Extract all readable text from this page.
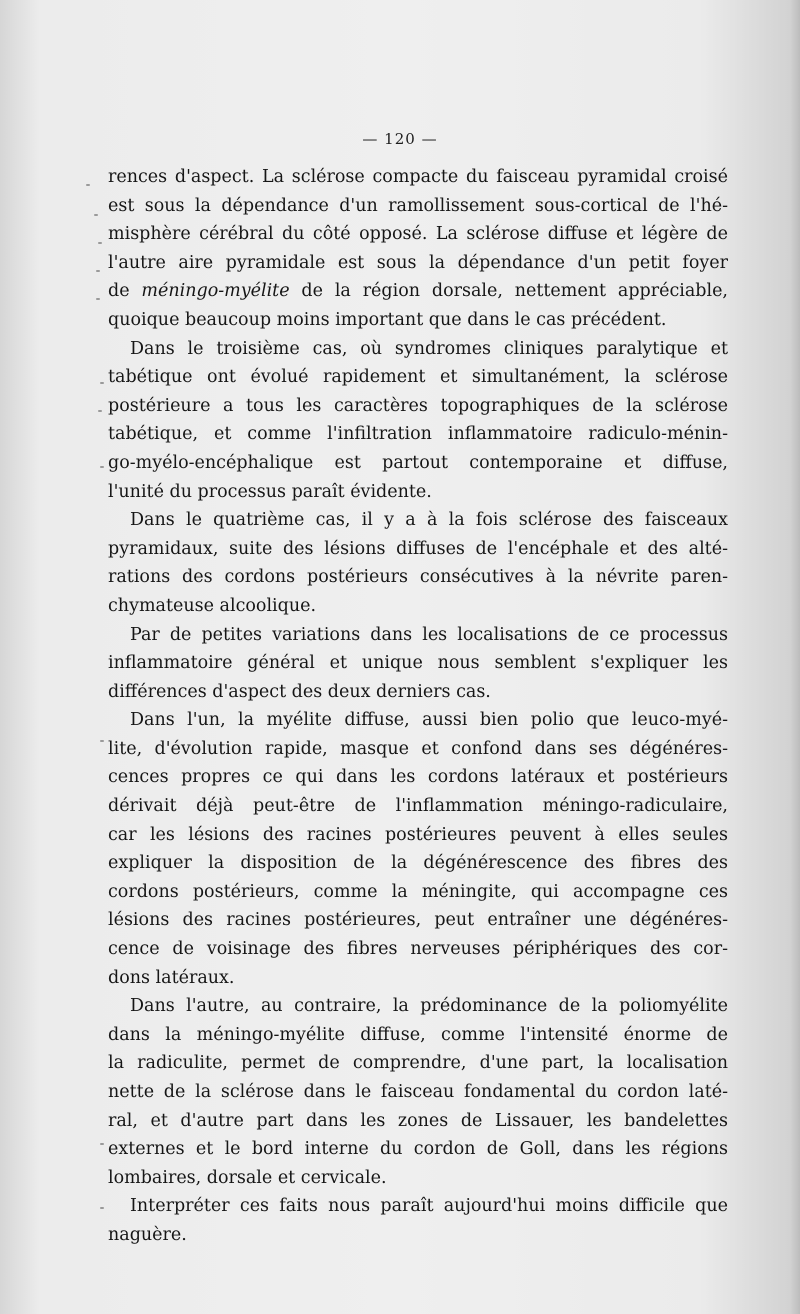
— 120 —
rences d'aspect. La sclérose compacte du faisceau pyramidal croisé
est sous la dépendance d'un ramollissement sous-cortical de l'hé-
misphère cérébral du côté opposé. La sclérose diffuse et légère de
l'autre aire pyramidale est sous la dépendance d'un petit foyer
de méningo-myélite de la région dorsale, nettement appréciable,
quoique beaucoup moins important que dans le cas précédent.
Dans le troisième cas, où syndromes cliniques paralytique et
tabétique ont évolué rapidement et simultanément, la sclérose
postérieure a tous les caractères topographiques de la sclérose
tabétique, et comme l'infiltration inflammatoire radiculo-ménin-
go-myélo-encéphalique est partout contemporaine et diffuse,
l'unité du processus paraît évidente.
Dans le quatrième cas, il y a à la fois sclérose des faisceaux
pyramidaux, suite des lésions diffuses de l'encéphale et des alté-
rations des cordons postérieurs consécutives à la névrite paren-
chymateuse alcoolique.
Par de petites variations dans les localisations de ce processus
inflammatoire général et unique nous semblent s'expliquer les
différences d'aspect des deux derniers cas.
Dans l'un, la myélite diffuse, aussi bien polio que leuco-myé-
lite, d'évolution rapide, masque et confond dans ses dégénéres-
cences propres ce qui dans les cordons latéraux et postérieurs
dérivait déjà peut-être de l'inflammation méningo-radiculaire,
car les lésions des racines postérieures peuvent à elles seules
expliquer la disposition de la dégénérescence des fibres des
cordons postérieurs, comme la méningite, qui accompagne ces
lésions des racines postérieures, peut entraîner une dégénéres-
cence de voisinage des fibres nerveuses périphériques des cor-
dons latéraux.
Dans l'autre, au contraire, la prédominance de la poliomyélite
dans la méningo-myélite diffuse, comme l'intensité énorme de
la radiculite, permet de comprendre, d'une part, la localisation
nette de la sclérose dans le faisceau fondamental du cordon laté-
ral, et d'autre part dans les zones de Lissauer, les bandelettes
externes et le bord interne du cordon de Goll, dans les régions
lombaires, dorsale et cervicale.
Interpréter ces faits nous paraît aujourd'hui moins difficile que
naguère.
